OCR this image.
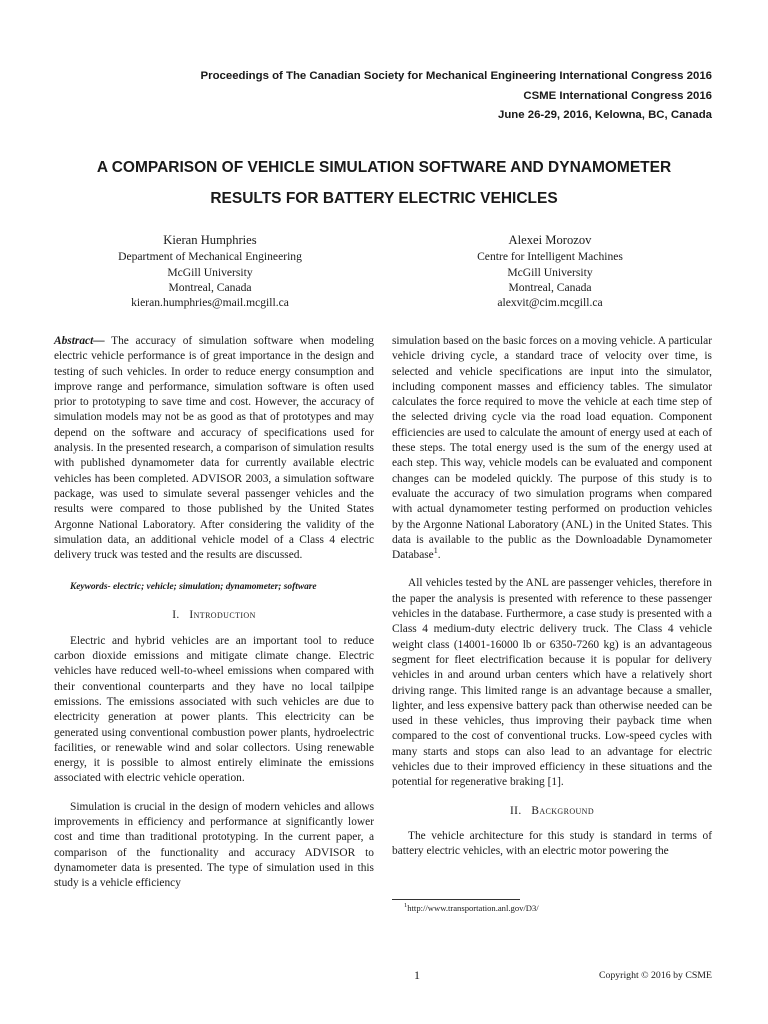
Proceedings of The Canadian Society for Mechanical Engineering International Congress 2016
CSME International Congress 2016
June 26-29, 2016, Kelowna, BC, Canada
A COMPARISON OF VEHICLE SIMULATION SOFTWARE AND DYNAMOMETER
RESULTS FOR BATTERY ELECTRIC VEHICLES
Kieran Humphries
Department of Mechanical Engineering
McGill University
Montreal, Canada
kieran.humphries@mail.mcgill.ca
Alexei Morozov
Centre for Intelligent Machines
McGill University
Montreal, Canada
alexvit@cim.mcgill.ca

Abstract— The accuracy of simulation software when modeling electric vehicle performance is of great importance in the design and testing of such vehicles. In order to reduce energy consumption and improve range and performance, simulation software is often used prior to prototyping to save time and cost. However, the accuracy of simulation models may not be as good as that of prototypes and may depend on the software and accuracy of specifications used for analysis. In the presented research, a comparison of simulation results with published dynamometer data for currently available electric vehicles has been completed. ADVISOR 2003, a simulation software package, was used to simulate several passenger vehicles and the results were compared to those published by the United States Argonne National Laboratory. After considering the validity of the simulation data, an additional vehicle model of a Class 4 electric delivery truck was tested and the results are discussed.

Keywords- electric; vehicle; simulation; dynamometer; software

I. Introduction

Electric and hybrid vehicles are an important tool to reduce carbon dioxide emissions and mitigate climate change. Electric vehicles have reduced well-to-wheel emissions when compared with their conventional counterparts and they have no local tailpipe emissions. The emissions associated with such vehicles are due to electricity generation at power plants. This electricity can be generated using conventional combustion power plants, hydroelectric facilities, or renewable wind and solar collectors. Using renewable energy, it is possible to almost entirely eliminate the emissions associated with electric vehicle operation.

Simulation is crucial in the design of modern vehicles and allows improvements in efficiency and performance at significantly lower cost and time than traditional prototyping. In the current paper, a comparison of the functionality and accuracy ADVISOR to dynamometer data is presented. The type of simulation used in this study is a vehicle efficiency

simulation based on the basic forces on a moving vehicle. A particular vehicle driving cycle, a standard trace of velocity over time, is selected and vehicle specifications are input into the simulator, including component masses and efficiency tables. The simulator calculates the force required to move the vehicle at each time step of the selected driving cycle via the road load equation. Component efficiencies are used to calculate the amount of energy used at each of these steps. The total energy used is the sum of the energy used at each step. This way, vehicle models can be evaluated and component changes can be modeled quickly. The purpose of this study is to evaluate the accuracy of two simulation programs when compared with actual dynamometer testing performed on production vehicles by the Argonne National Laboratory (ANL) in the United States. This data is available to the public as the Downloadable Dynamometer Database$^1$.

All vehicles tested by the ANL are passenger vehicles, therefore in the paper the analysis is presented with reference to these passenger vehicles in the database. Furthermore, a case study is presented with a Class 4 medium-duty electric delivery truck. The Class 4 vehicle weight class (14001-16000 lb or 6350-7260 kg) is an advantageous segment for fleet electrification because it is popular for delivery vehicles in and around urban centers which have a relatively short driving range. This limited range is an advantage because a smaller, lighter, and less expensive battery pack than otherwise needed can be used in these vehicles, thus improving their payback time when compared to the cost of conventional trucks. Low-speed cycles with many starts and stops can also lead to an advantage for electric vehicles due to their improved efficiency in these situations and the potential for regenerative braking [1].

II. Background

The vehicle architecture for this study is standard in terms of battery electric vehicles, with an electric motor powering the

$^1$http://www.transportation.anl.gov/D3/
1	Copyright © 2016 by CSME
